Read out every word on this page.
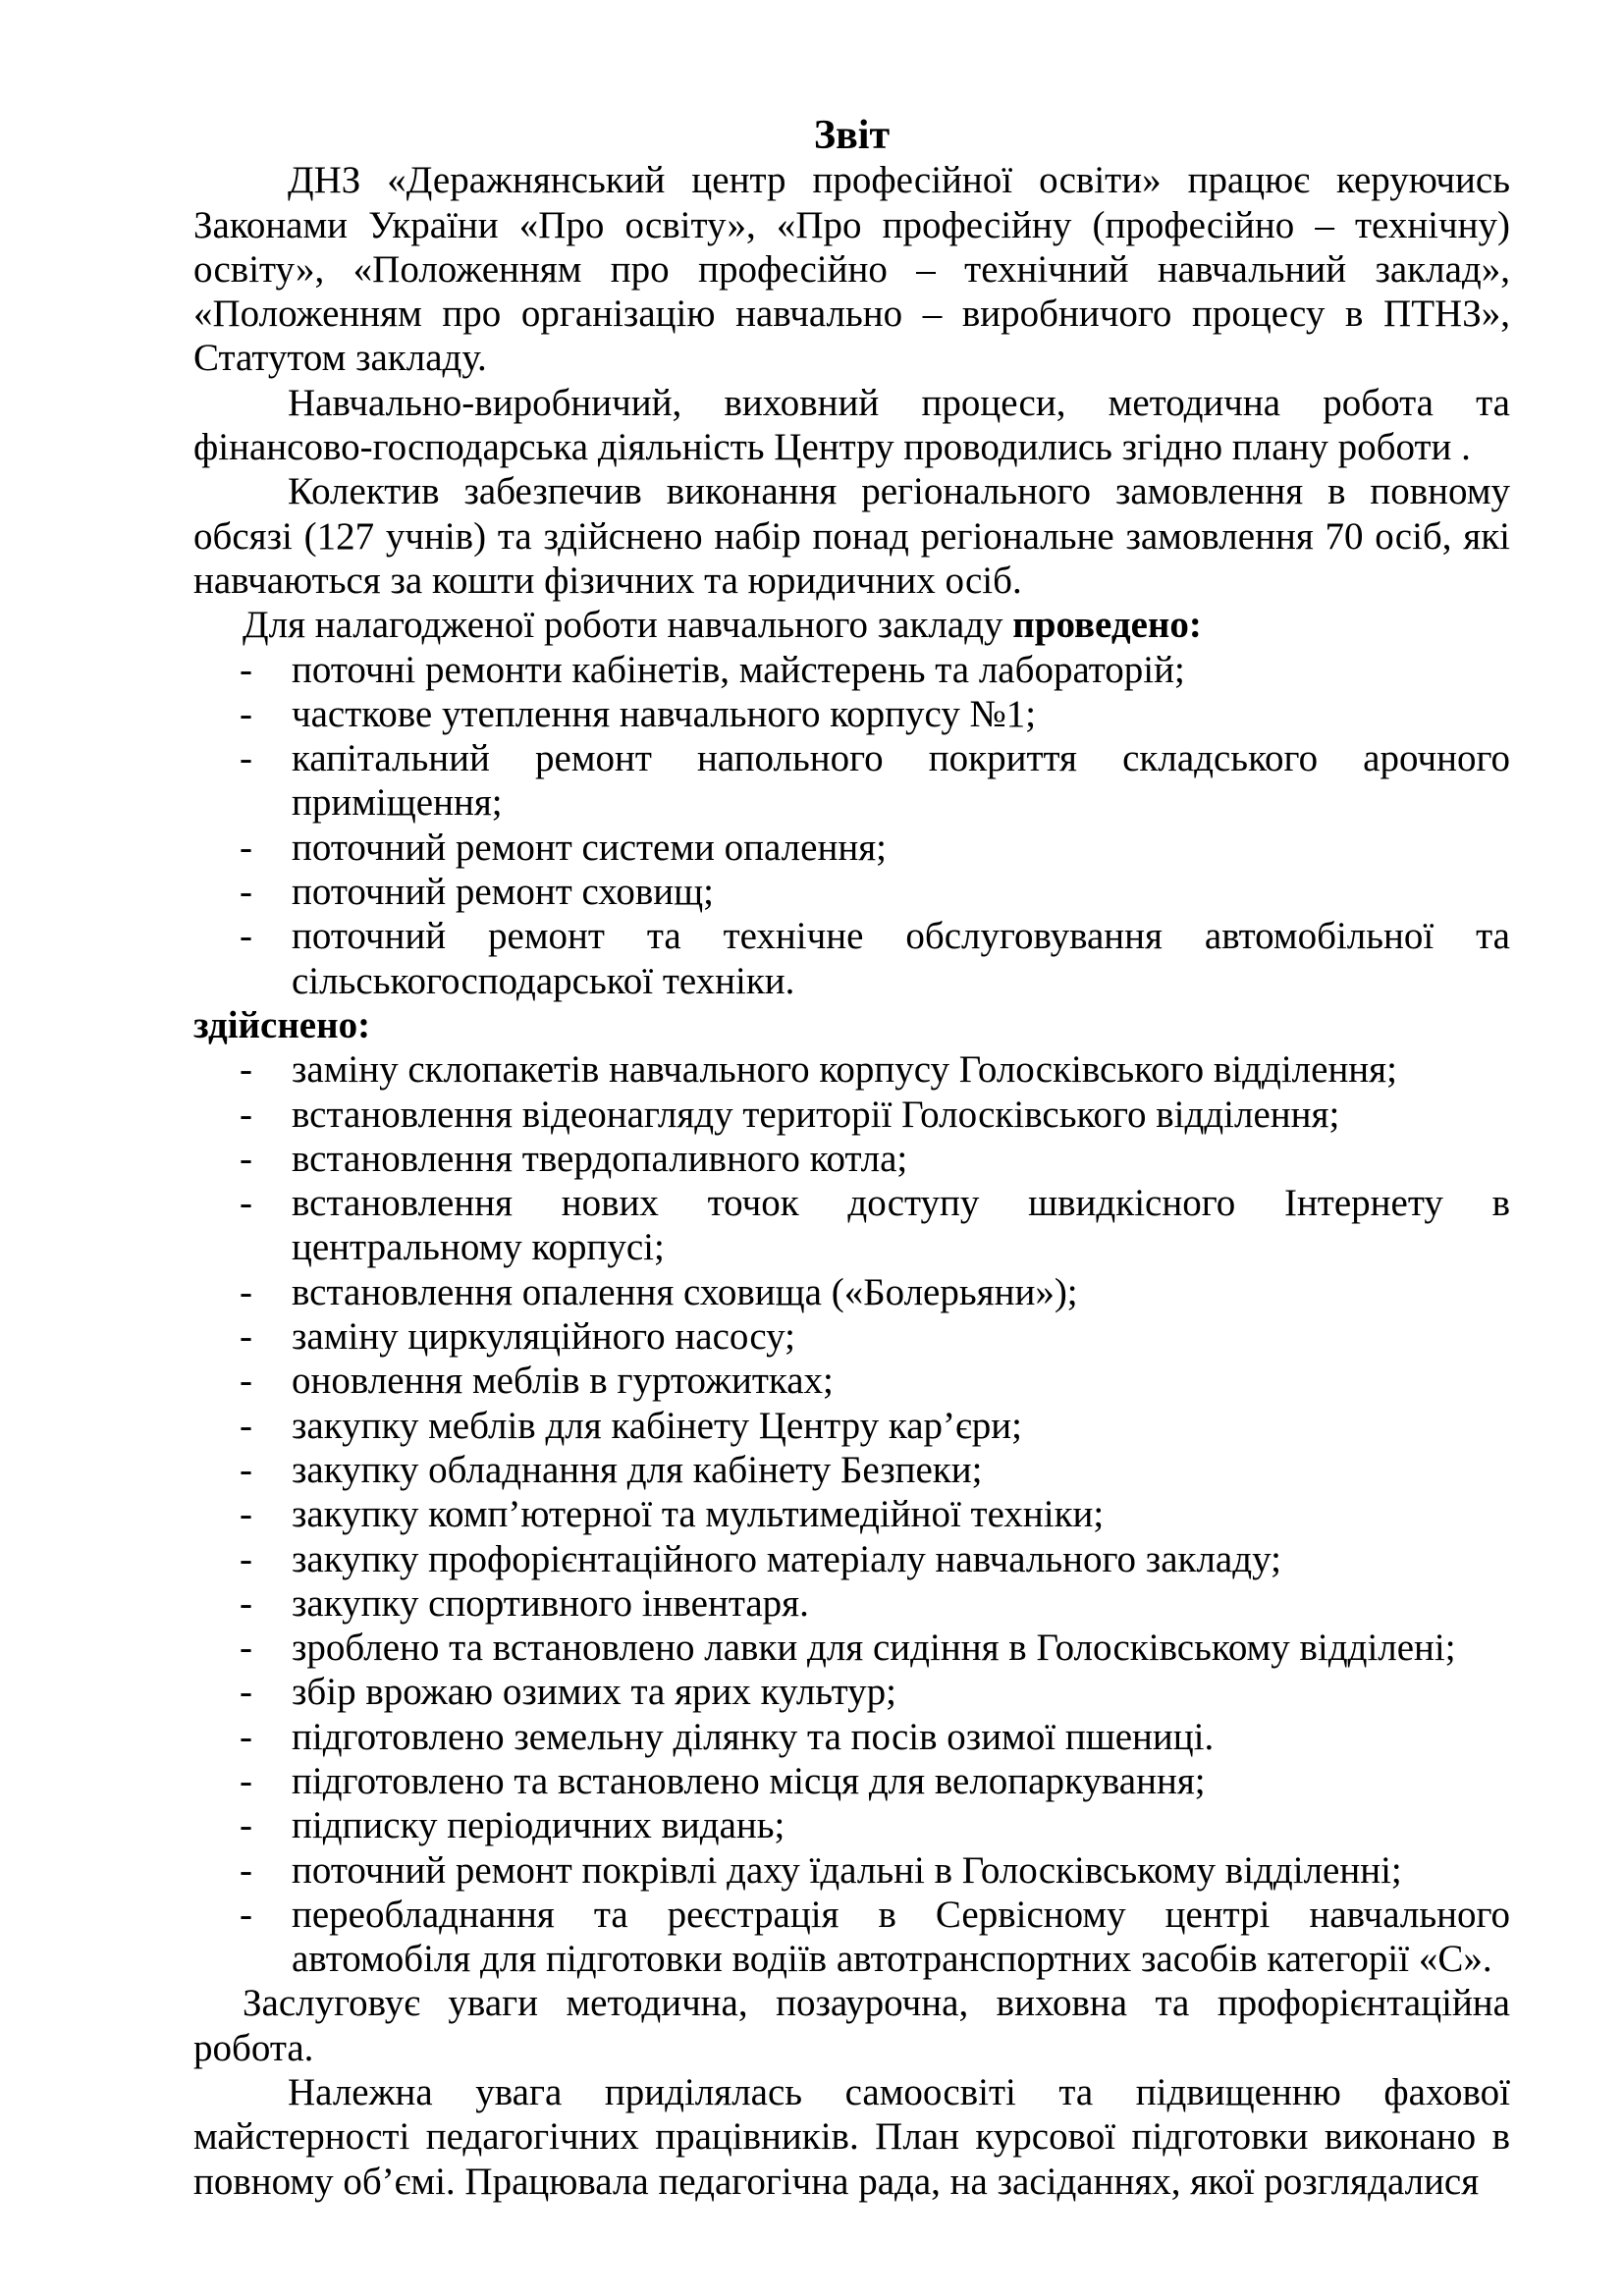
Звіт
ДНЗ «Деражнянський центр професійної освіти» працює керуючись Законами України «Про освіту», «Про професійну (професійно – технічну) освіту», «Положенням про професійно – технічний навчальний заклад», «Положенням про організацію навчально – виробничого процесу в ПТНЗ», Статутом закладу.
Навчально-виробничий, виховний процеси, методична робота та фінансово-господарська діяльність Центру проводились згідно плану роботи .
Колектив забезпечив виконання регіонального замовлення в повному обсязі (127 учнів) та здійснено набір понад регіональне замовлення 70 осіб, які навчаються за кошти фізичних та юридичних осіб.
Для налагодженої роботи навчального закладу проведено:
- поточні ремонти кабінетів, майстерень та лабораторій;
- часткове утеплення навчального корпусу №1;
- капітальний ремонт напольного покриття складського арочного приміщення;
- поточний ремонт системи опалення;
- поточний ремонт сховищ;
- поточний ремонт та технічне обслуговування автомобільної та сільськогосподарської техніки.
здійснено:
- заміну склопакетів навчального корпусу Голосківського відділення;
- встановлення відеонагляду території Голосківського відділення;
- встановлення твердопаливного котла;
- встановлення нових точок доступу швидкісного Інтернету в центральному корпусі;
- встановлення опалення сховища («Болерьяни»);
- заміну циркуляційного насосу;
- оновлення меблів в гуртожитках;
- закупку меблів для кабінету Центру кар’єри;
- закупку обладнання для кабінету Безпеки;
- закупку комп’ютерної та мультимедійної техніки;
- закупку профорієнтаційного матеріалу навчального закладу;
- закупку спортивного інвентаря.
- зроблено та встановлено лавки для сидіння в Голосківському відділені;
- збір врожаю озимих та ярих культур;
- підготовлено земельну ділянку та посів озимої пшениці.
- підготовлено та встановлено місця для велопаркування;
- підписку періодичних видань;
- поточний ремонт покрівлі даху їдальні в Голосківському відділенні;
- переобладнання та реєстрація в Сервісному центрі навчального автомобіля для підготовки водіїв автотранспортних засобів категорії «С».
Заслуговує уваги методична, позаурочна, виховна та профорієнтаційна робота.
Належна увага приділялась самоосвіті та підвищенню фахової майстерності педагогічних працівників. План курсової підготовки виконано в повному об’ємі. Працювала педагогічна рада, на засіданнях, якої розглядалися
